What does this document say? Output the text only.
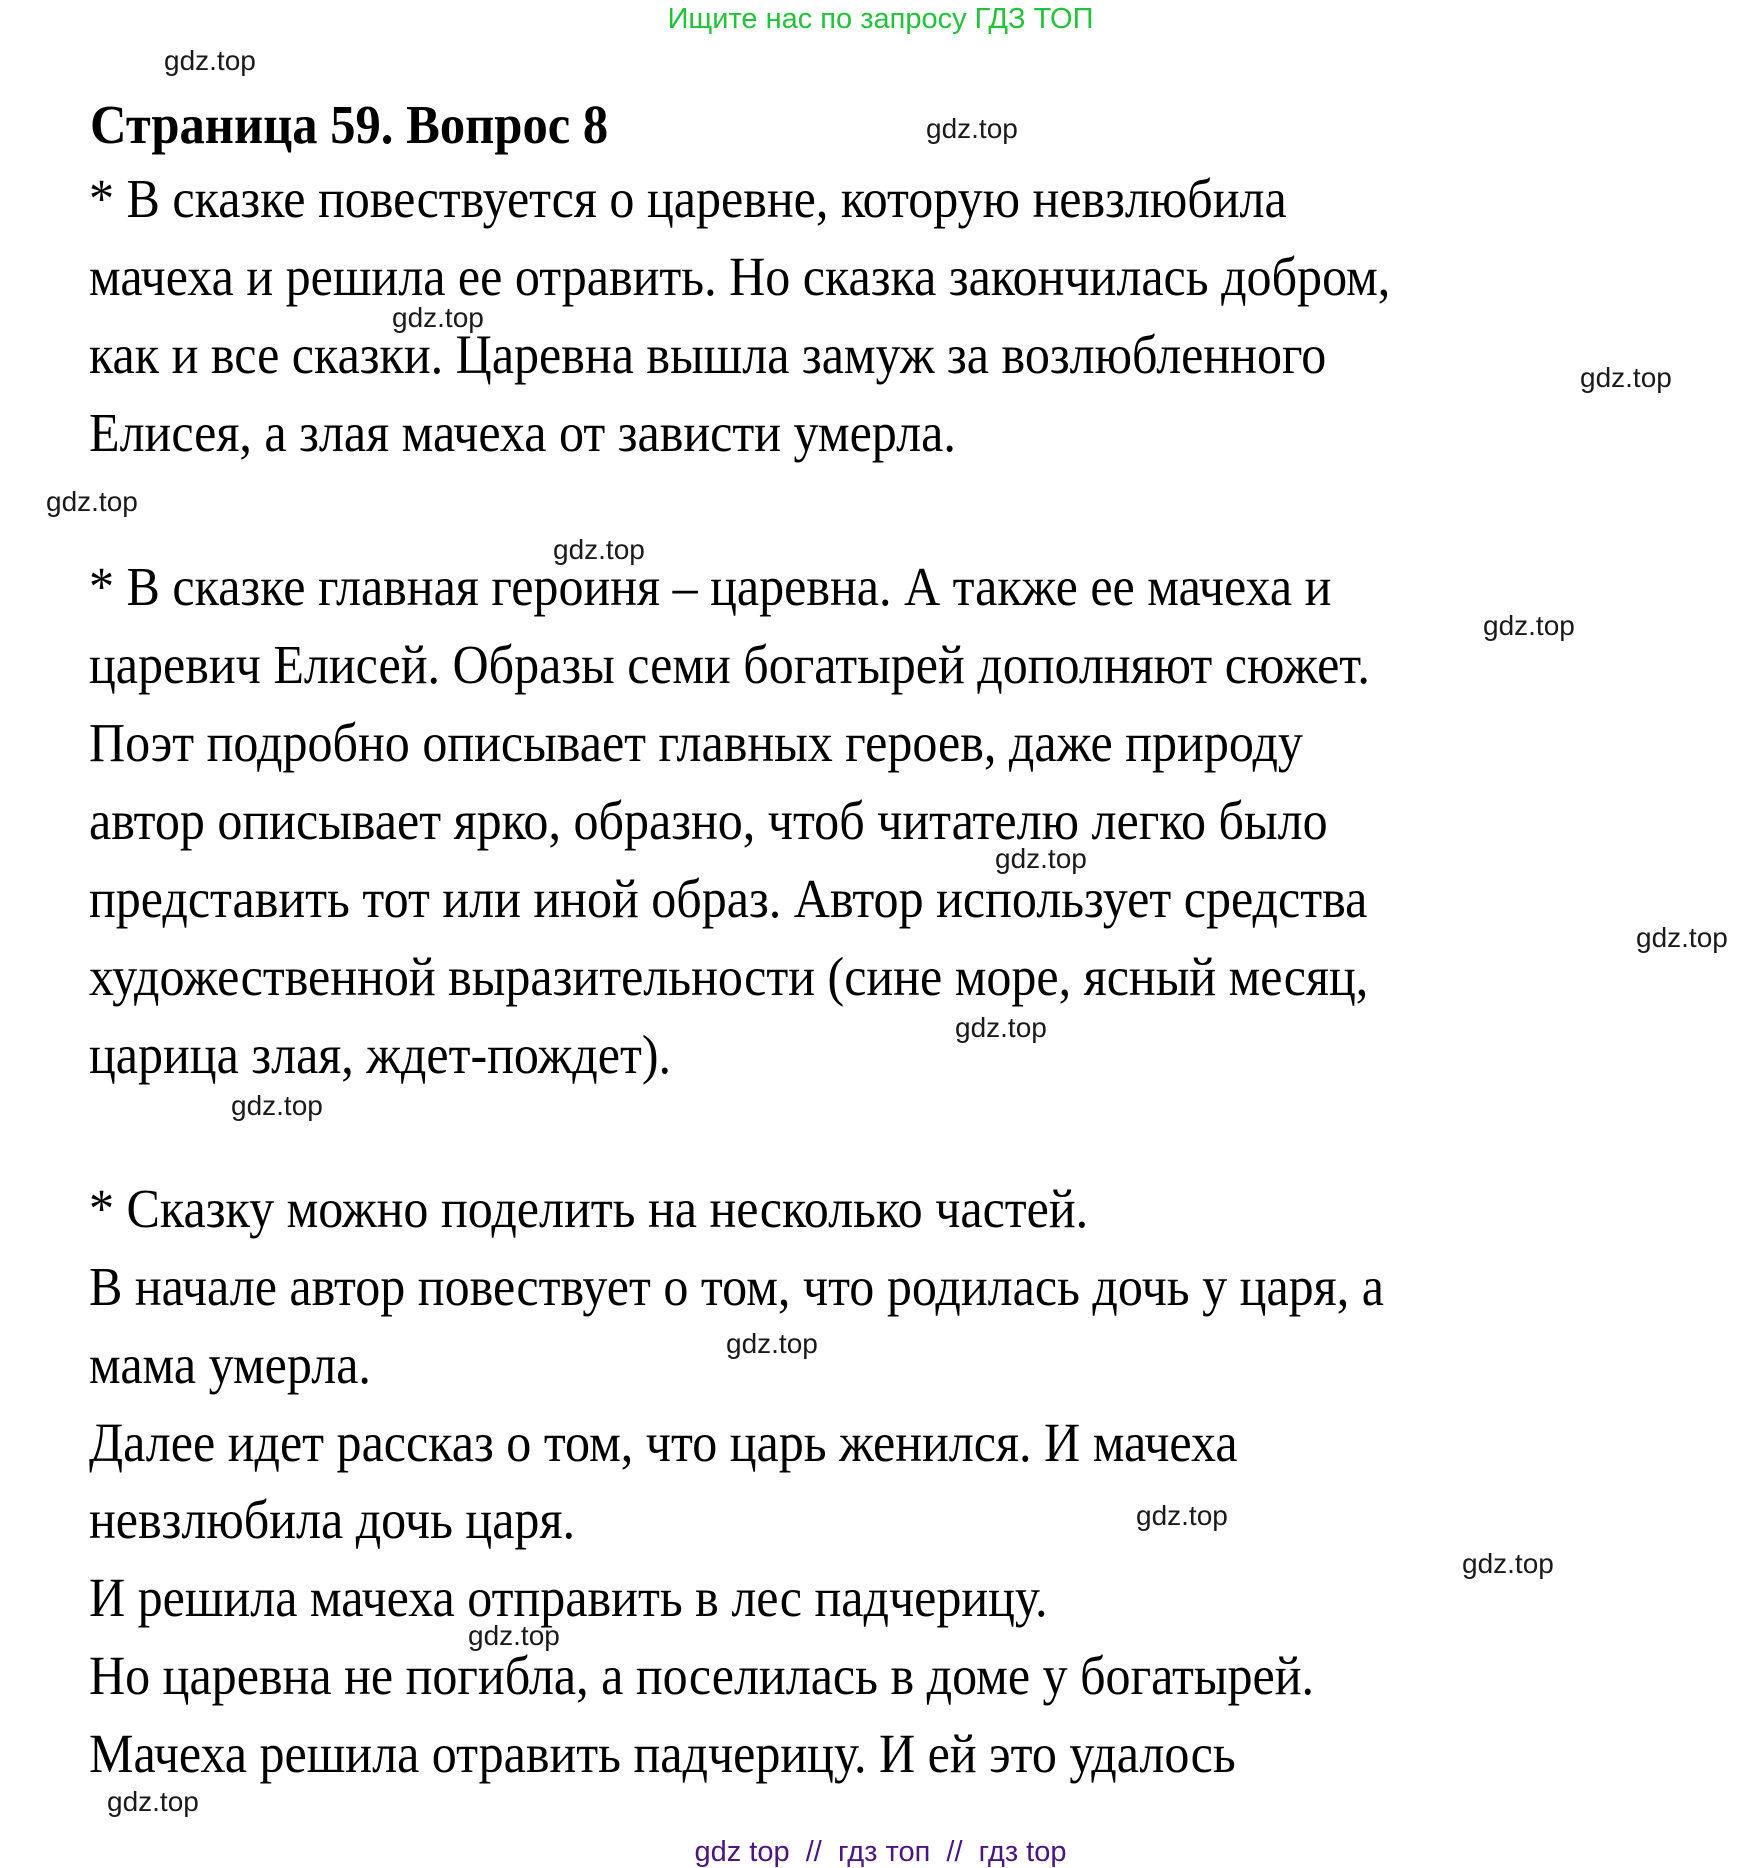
Ищите нас по запросу ГДЗ ТОП
gdz.top
Страница 59. Вопрос 8	gdz.top
* В сказке повествуется о царевне, которую невзлюбила
мачеха и решила ее отравить. Но сказка закончилась добром,
как и все сказки. Царевна вышла замуж за возлюбленного
Елисея, а злая мачеха от зависти умерла.
gdz.top
gdz.top
gdz.top
gdz.top
* В сказке главная героиня – царевна. А также ее мачеха и
царевич Елисей. Образы семи богатырей дополняют сюжет.
Поэт подробно описывает главных героев, даже природу
автор описывает ярко, образно, чтоб читателю легко было
представить тот или иной образ. Автор использует средства
художественной выразительности (сине море, ясный месяц,
царица злая, ждет-пождет).
gdz.top
gdz.top
gdz.top
gdz.top
gdz.top
* Сказку можно поделить на несколько частей.
В начале автор повествует о том, что родилась дочь у царя, а
мама умерла.
Далее идет рассказ о том, что царь женился. И мачеха
невзлюбила дочь царя.
И решила мачеха отправить в лес падчерицу.
Но царевна не погибла, а поселилась в доме у богатырей.
Мачеха решила отравить падчерицу. И ей это удалось
gdz.top
gdz.top
gdz.top
gdz.top
gdz.top
gdz top  //  гдз топ  //  гдз top
